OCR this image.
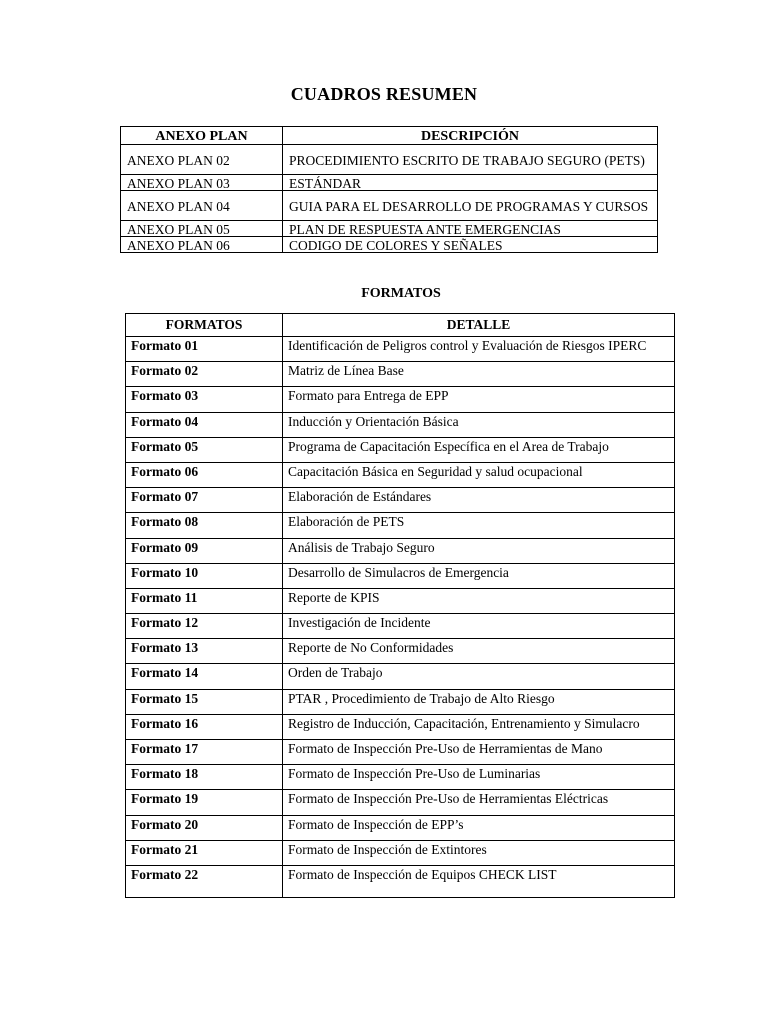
CUADROS RESUMEN
ANEXO PLAN	DESCRIPCIÓN
ANEXO PLAN 02	PROCEDIMIENTO ESCRITO DE TRABAJO SEGURO (PETS)
ANEXO PLAN 03	ESTÁNDAR
ANEXO PLAN 04	GUIA PARA EL DESARROLLO DE PROGRAMAS Y CURSOS
ANEXO PLAN 05	PLAN DE RESPUESTA ANTE EMERGENCIAS
ANEXO PLAN 06	CODIGO DE COLORES Y SEÑALES
FORMATOS
FORMATOS	DETALLE
Formato 01	Identificación de Peligros control y Evaluación de Riesgos IPERC
Formato 02	Matriz de Línea Base
Formato 03	Formato para Entrega de EPP
Formato 04	Inducción y Orientación Básica
Formato 05	Programa de Capacitación Específica en el Area de Trabajo
Formato 06	Capacitación Básica en Seguridad y salud ocupacional
Formato 07	Elaboración de Estándares
Formato 08	Elaboración de PETS
Formato 09	Análisis de Trabajo Seguro
Formato 10	Desarrollo de Simulacros de Emergencia
Formato 11	Reporte de KPIS
Formato 12	Investigación de Incidente
Formato 13	Reporte de No Conformidades
Formato 14	Orden de Trabajo
Formato 15	PTAR , Procedimiento de Trabajo de Alto Riesgo
Formato 16	Registro de Inducción, Capacitación, Entrenamiento y Simulacro
Formato 17	Formato de Inspección Pre-Uso de Herramientas de Mano
Formato 18	Formato de Inspección Pre-Uso de Luminarias
Formato 19	Formato de Inspección Pre-Uso de Herramientas Eléctricas
Formato 20	Formato de Inspección de EPP’s
Formato 21	Formato de Inspección de Extintores
Formato 22	Formato de Inspección de Equipos CHECK LIST
